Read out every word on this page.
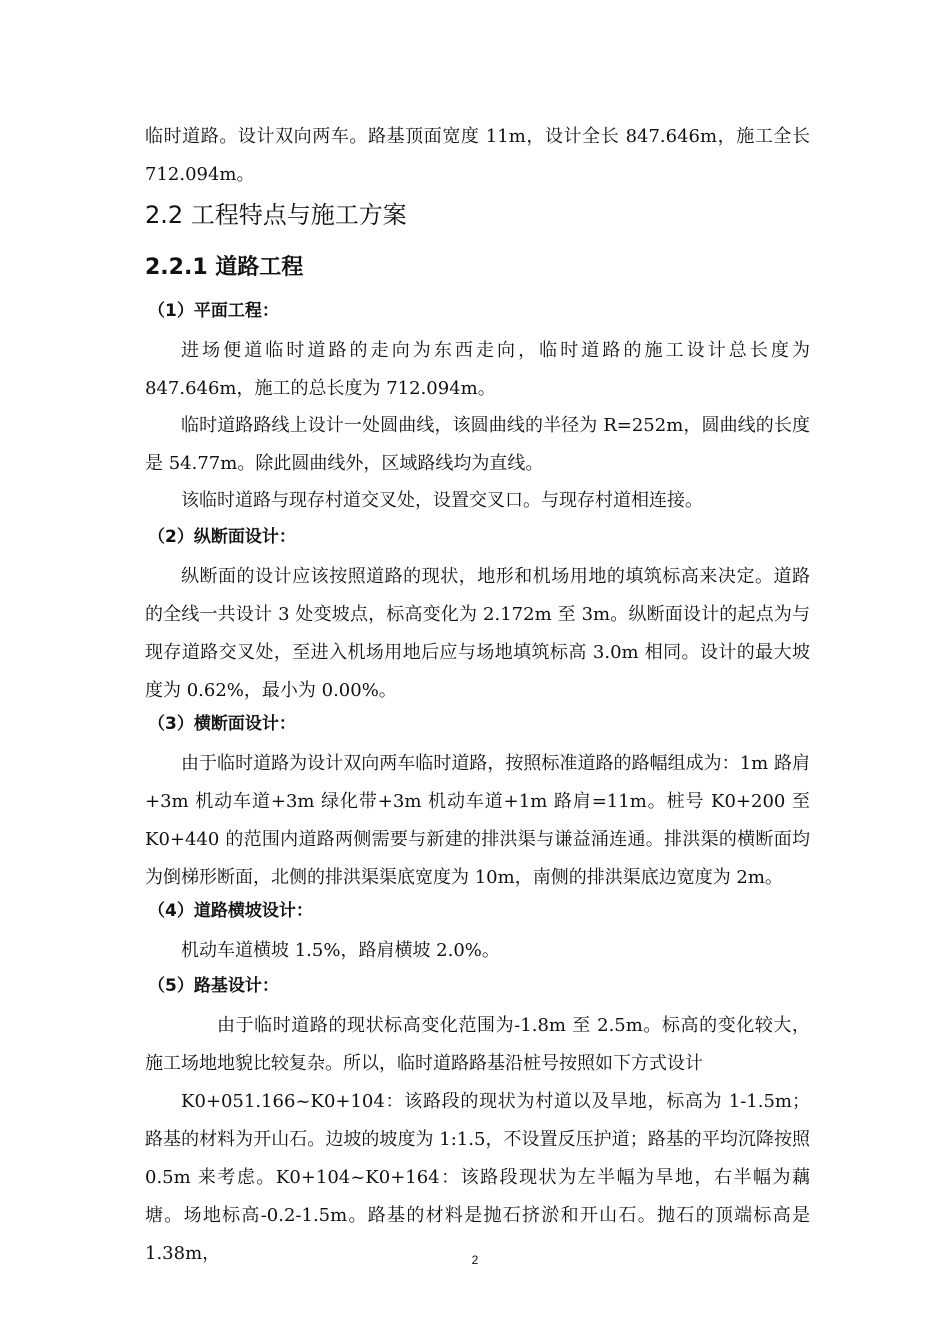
临时道路。设计双向两车。路基顶面宽度 11m，设计全长 847.646m，施工全长 712.094m。
2.2 工程特点与施工方案
2.2.1 道路工程
（1）平面工程：
进场便道临时道路的走向为东西走向，临时道路的施工设计总长度为 847.646m，施工的总长度为 712.094m。
临时道路路线上设计一处圆曲线，该圆曲线的半径为 R=252m，圆曲线的长度是 54.77m。除此圆曲线外，区域路线均为直线。
该临时道路与现存村道交叉处，设置交叉口。与现存村道相连接。
（2）纵断面设计：
纵断面的设计应该按照道路的现状，地形和机场用地的填筑标高来决定。道路的全线一共设计 3 处变坡点，标高变化为 2.172m 至 3m。纵断面设计的起点为与现存道路交叉处，至进入机场用地后应与场地填筑标高 3.0m 相同。设计的最大坡度为 0.62%，最小为 0.00%。
（3）横断面设计：
由于临时道路为设计双向两车临时道路，按照标准道路的路幅组成为：1m 路肩+3m 机动车道+3m 绿化带+3m 机动车道+1m 路肩=11m。桩号 K0+200 至 K0+440 的范围内道路两侧需要与新建的排洪渠与谦益涌连通。排洪渠的横断面均为倒梯形断面，北侧的排洪渠渠底宽度为 10m，南侧的排洪渠底边宽度为 2m。
（4）道路横坡设计：
机动车道横坡 1.5%，路肩横坡 2.0%。
（5）路基设计：
由于临时道路的现状标高变化范围为-1.8m 至 2.5m。标高的变化较大，施工场地地貌比较复杂。所以，临时道路路基沿桩号按照如下方式设计
K0+051.166~K0+104：该路段的现状为村道以及旱地，标高为 1-1.5m；路基的材料为开山石。边坡的坡度为 1:1.5，不设置反压护道；路基的平均沉降按照 0.5m 来考虑。K0+104~K0+164：该路段现状为左半幅为旱地，右半幅为藕塘。场地标高-0.2-1.5m。路基的材料是抛石挤淤和开山石。抛石的顶端标高是 1.38m，	2
